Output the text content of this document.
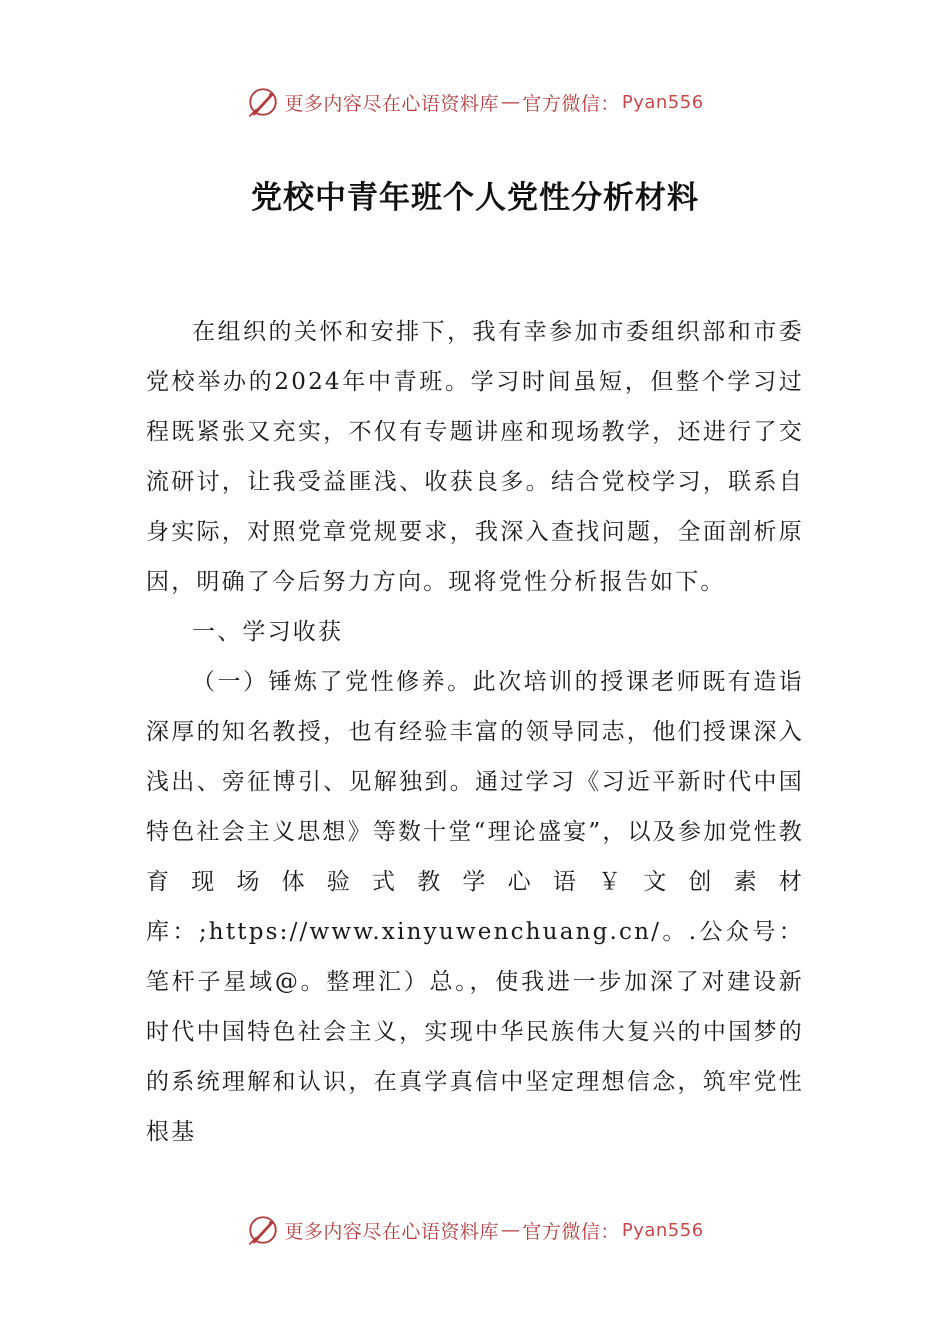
更多内容尽在心语资料库 — 官方微信： Pyan556
党校中青年班个人党性分析材料

在组织的关怀和安排下，我有幸参加市委组织部和市委党校举办的2024年中青班。学习时间虽短，但整个学习过程既紧张又充实，不仅有专题讲座和现场教学，还进行了交流研讨，让我受益匪浅、收获良多。结合党校学习，联系自身实际，对照党章党规要求，我深入查找问题，全面剖析原因，明确了今后努力方向。现将党性分析报告如下。

一、学习收获

（一）锤炼了党性修养。此次培训的授课老师既有造诣深厚的知名教授，也有经验丰富的领导同志，他们授课深入浅出、旁征博引、见解独到。通过学习《习近平新时代中国特色社会主义思想》等数十堂“理论盛宴”，以及参加党性教育现场体验式教学心语￥文创素材库：;https://www.xinyuwenchuang.cn/。.公众号：笔杆子星域@。整理汇）总。，使我进一步加深了对建设新时代中国特色社会主义，实现中华民族伟大复兴的中国梦的的系统理解和认识，在真学真信中坚定理想信念，筑牢党性根基

更多内容尽在心语资料库 — 官方微信： Pyan556
